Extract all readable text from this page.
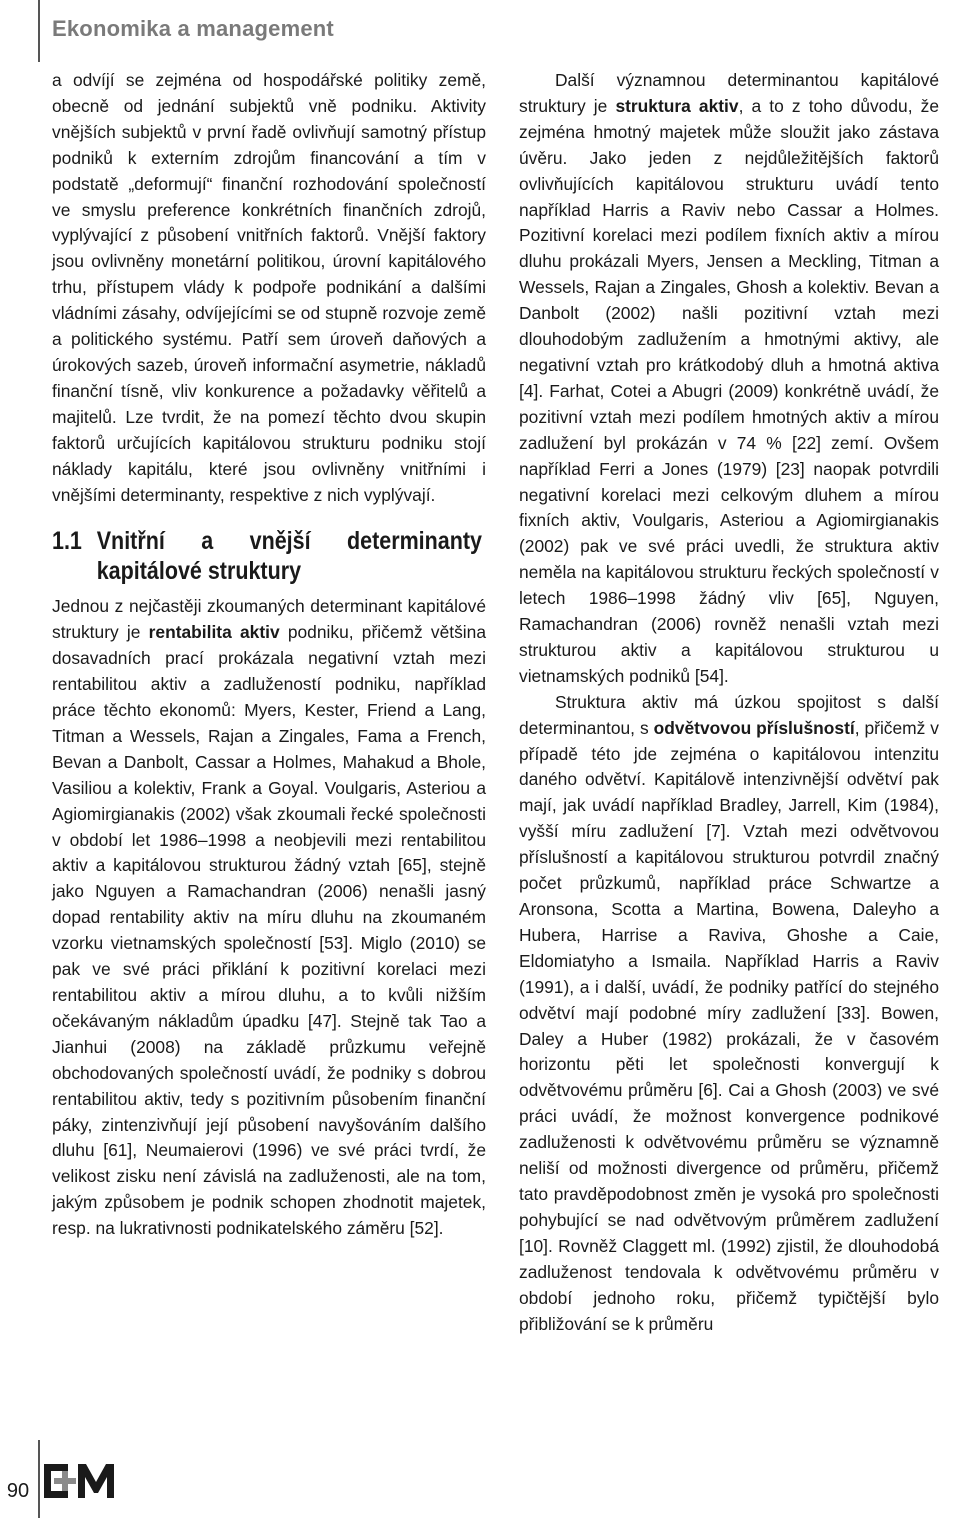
Ekonomika a management

a odvíjí se zejména od hospodářské politiky země, obecně od jednání subjektů vně podniku. Aktivity vnějších subjektů v první řadě ovlivňují samotný přístup podniků k externím zdrojům financování a tím v podstatě „deformují“ finanční rozhodování společností ve smyslu preference konkrétních finančních zdrojů, vyplývající z působení vnitřních faktorů. Vnější faktory jsou ovlivněny monetární politikou, úrovní kapitálového trhu, přístupem vlády k podpoře podnikání a dalšími vládními zásahy, odvíjejícími se od stupně rozvoje země a politického systému. Patří sem úroveň daňových a úrokových sazeb, úroveň informační asymetrie, nákladů finanční tísně, vliv konkurence a požadavky věřitelů a majitelů. Lze tvrdit, že na pomezí těchto dvou skupin faktorů určujících kapitálovou strukturu podniku stojí náklady kapitálu, které jsou ovlivněny vnitřními i vnějšími determinanty, respektive z nich vyplývají.

1.1 Vnitřní a vnější determinanty kapitálové struktury

Jednou z nejčastěji zkoumaných determinant kapitálové struktury je rentabilita aktiv podniku, přičemž většina dosavadních prací prokázala negativní vztah mezi rentabilitou aktiv a zadlužeností podniku, například práce těchto ekonomů: Myers, Kester, Friend a Lang, Titman a Wessels, Rajan a Zingales, Fama a French, Bevan a Danbolt, Cassar a Holmes, Mahakud a Bhole, Vasiliou a kolektiv, Frank a Goyal. Voulgaris, Asteriou a Agiomirgianakis (2002) však zkoumali řecké společnosti v období let 1986–1998 a neobjevili mezi rentabilitou aktiv a kapitálovou strukturou žádný vztah [65], stejně jako Nguyen a Ramachandran (2006) nenašli jasný dopad rentability aktiv na míru dluhu na zkoumaném vzorku vietnamských společností [53]. Miglo (2010) se pak ve své práci přiklání k pozitivní korelaci mezi rentabilitou aktiv a mírou dluhu, a to kvůli nižším očekávaným nákladům úpadku [47]. Stejně tak Tao a Jianhui (2008) na základě průzkumu veřejně obchodovaných společností uvádí, že podniky s dobrou rentabilitou aktiv, tedy s pozitivním působením finanční páky, zintenzivňují její působení navyšováním dalšího dluhu [61], Neumaierovi (1996) ve své práci tvrdí, že velikost zisku není závislá na zadluženosti, ale na tom, jakým způsobem je podnik schopen zhodnotit majetek, resp. na lukrativnosti podnikatelského záměru [52].

Další významnou determinantou kapitálové struktury je struktura aktiv, a to z toho důvodu, že zejména hmotný majetek může sloužit jako zástava úvěru. Jako jeden z nejdůležitějších faktorů ovlivňujících kapitálovou strukturu uvádí tento například Harris a Raviv nebo Cassar a Holmes. Pozitivní korelaci mezi podílem fixních aktiv a mírou dluhu prokázali Myers, Jensen a Meckling, Titman a Wessels, Rajan a Zingales, Ghosh a kolektiv. Bevan a Danbolt (2002) našli pozitivní vztah mezi dlouhodobým zadlužením a hmotnými aktivy, ale negativní vztah pro krátkodobý dluh a hmotná aktiva [4]. Farhat, Cotei a Abugri (2009) konkrétně uvádí, že pozitivní vztah mezi podílem hmotných aktiv a mírou zadlužení byl prokázán v 74 % [22] zemí. Ovšem například Ferri a Jones (1979) [23] naopak potvrdili negativní korelaci mezi celkovým dluhem a mírou fixních aktiv, Voulgaris, Asteriou a Agiomirgianakis (2002) pak ve své práci uvedli, že struktura aktiv neměla na kapitálovou strukturu řeckých společností v letech 1986–1998 žádný vliv [65], Nguyen, Ramachandran (2006) rovněž nenašli vztah mezi strukturou aktiv a kapitálovou strukturou u vietnamských podniků [54].

Struktura aktiv má úzkou spojitost s další determinantou, s odvětvovou příslušností, přičemž v případě této jde zejména o kapitálovou intenzitu daného odvětví. Kapitálově intenzivnější odvětví pak mají, jak uvádí například Bradley, Jarrell, Kim (1984), vyšší míru zadlužení [7]. Vztah mezi odvětvovou příslušností a kapitálovou strukturou potvrdil značný počet průzkumů, například práce Schwartze a Aronsona, Scotta a Martina, Bowena, Daleyho a Hubera, Harrise a Raviva, Ghoshe a Caie, Eldomiatyho a Ismaila. Například Harris a Raviv (1991), a i další, uvádí, že podniky patřící do stejného odvětví mají podobné míry zadlužení [33]. Bowen, Daley a Huber (1982) prokázali, že v časovém horizontu pěti let společnosti konvergují k odvětvovému průměru [6]. Cai a Ghosh (2003) ve své práci uvádí, že možnost konvergence podnikové zadluženosti k odvětvovému průměru se významně neliší od možnosti divergence od průměru, přičemž tato pravděpodobnost změn je vysoká pro společnosti pohybující se nad odvětvovým průměrem zadlužení [10]. Rovněž Claggett ml. (1992) zjistil, že dlouhodobá zadluženost tendovala k odvětvovému průměru v období jednoho roku, přičemž typičtější bylo přibližování se k průměru

90
